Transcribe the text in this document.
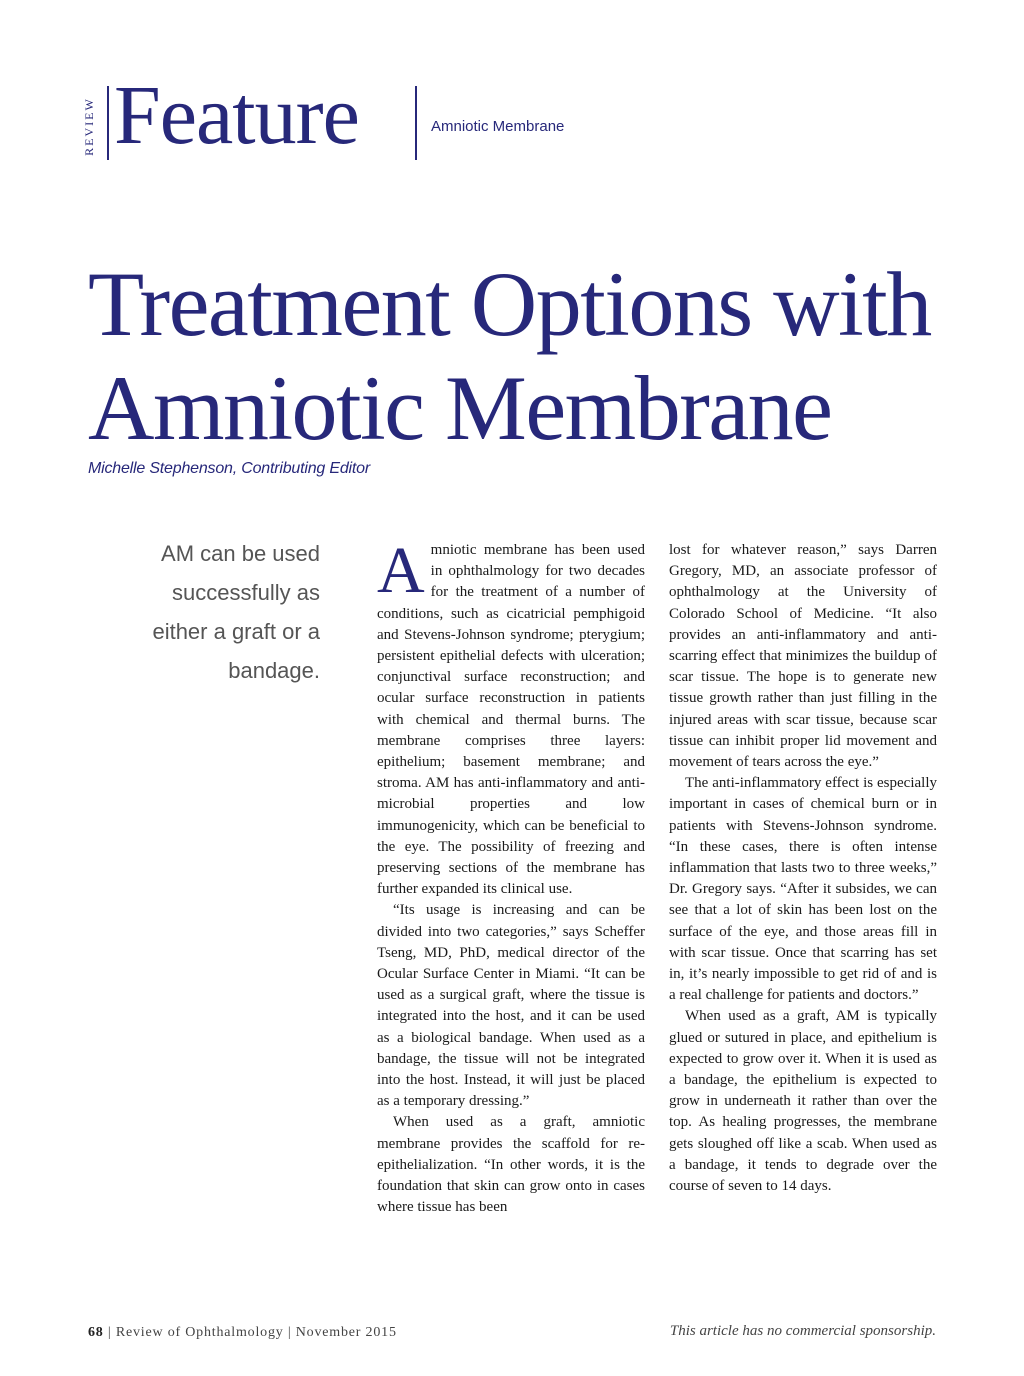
REVIEW Feature	Amniotic Membrane
Treatment Options with Amniotic Membrane
Michelle Stephenson, Contributing Editor

AM can be used successfully as either a graft or a bandage.

A mniotic membrane has been used in ophthalmology for two decades for the treatment of a number of conditions, such as cicatricial pemphigoid and Stevens-Johnson syndrome; pterygium; persistent epithelial defects with ulceration; conjunctival surface reconstruction; and ocular surface reconstruction in patients with chemical and thermal burns. The membrane comprises three layers: epithelium; basement membrane; and stroma. AM has anti-inflammatory and anti-microbial properties and low immunogenicity, which can be beneficial to the eye. The possibility of freezing and preserving sections of the membrane has further expanded its clinical use.

“Its usage is increasing and can be divided into two categories,” says Scheffer Tseng, MD, PhD, medical director of the Ocular Surface Center in Miami. “It can be used as a surgical graft, where the tissue is integrated into the host, and it can be used as a biological bandage. When used as a bandage, the tissue will not be integrated into the host. Instead, it will just be placed as a temporary dressing.”

When used as a graft, amniotic membrane provides the scaffold for re-epithelialization. “In other words, it is the foundation that skin can grow onto in cases where tissue has been

lost for whatever reason,” says Darren Gregory, MD, an associate professor of ophthalmology at the University of Colorado School of Medicine. “It also provides an anti-inflammatory and anti-scarring effect that minimizes the buildup of scar tissue. The hope is to generate new tissue growth rather than just filling in the injured areas with scar tissue, because scar tissue can inhibit proper lid movement and movement of tears across the eye.”

The anti-inflammatory effect is especially important in cases of chemical burn or in patients with Stevens-Johnson syndrome. “In these cases, there is often intense inflammation that lasts two to three weeks,” Dr. Gregory says. “After it subsides, we can see that a lot of skin has been lost on the surface of the eye, and those areas fill in with scar tissue. Once that scarring has set in, it’s nearly impossible to get rid of and is a real challenge for patients and doctors.”

When used as a graft, AM is typically glued or sutured in place, and epithelium is expected to grow over it. When it is used as a bandage, the epithelium is expected to grow in underneath it rather than over the top. As healing progresses, the membrane gets sloughed off like a scab. When used as a bandage, it tends to degrade over the course of seven to 14 days.

68 | Review of Ophthalmology | November 2015	This article has no commercial sponsorship.
